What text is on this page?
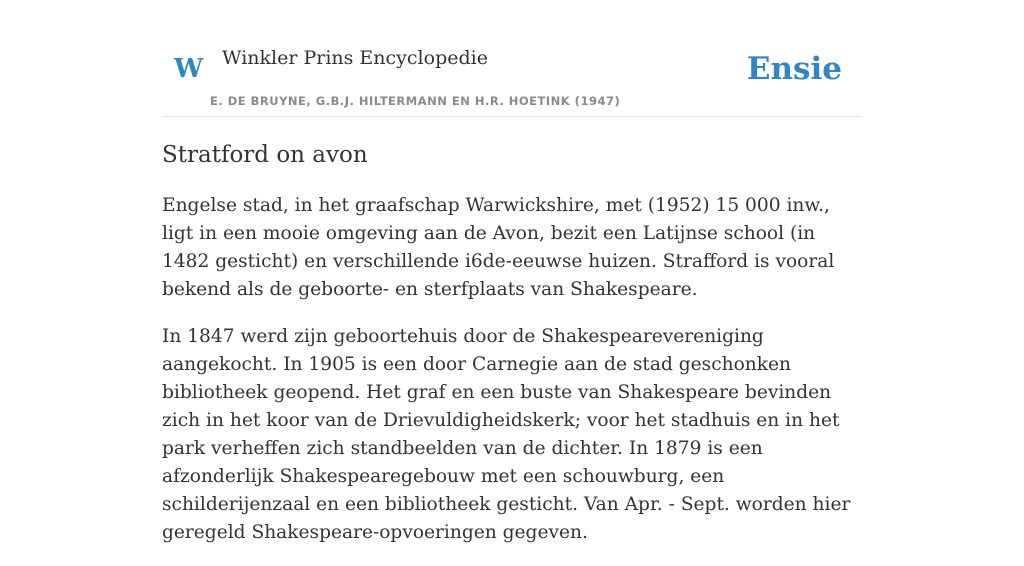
W Winkler Prins Encyclopedie
E. DE BRUYNE, G.B.J. HILTERMANN EN H.R. HOETINK (1947)
Ensie
Stratford on avon

Engelse stad, in het graafschap Warwickshire, met (1952) 15 000 inw., ligt in een mooie omgeving aan de Avon, bezit een Latijnse school (in 1482 gesticht) en verschillende i6de-eeuwse huizen. Strafford is vooral bekend als de geboorte- en sterfplaats van Shakespeare.

In 1847 werd zijn geboortehuis door de Shakespearevereniging aangekocht. In 1905 is een door Carnegie aan de stad geschonken bibliotheek geopend. Het graf en een buste van Shakespeare bevinden zich in het koor van de Drievuldigheidskerk; voor het stadhuis en in het park verheffen zich standbeelden van de dichter. In 1879 is een afzonderlijk Shakespearegebouw met een schouwburg, een schilderijenzaal en een bibliotheek gesticht. Van Apr. - Sept. worden hier geregeld Shakespeare-opvoeringen gegeven.
